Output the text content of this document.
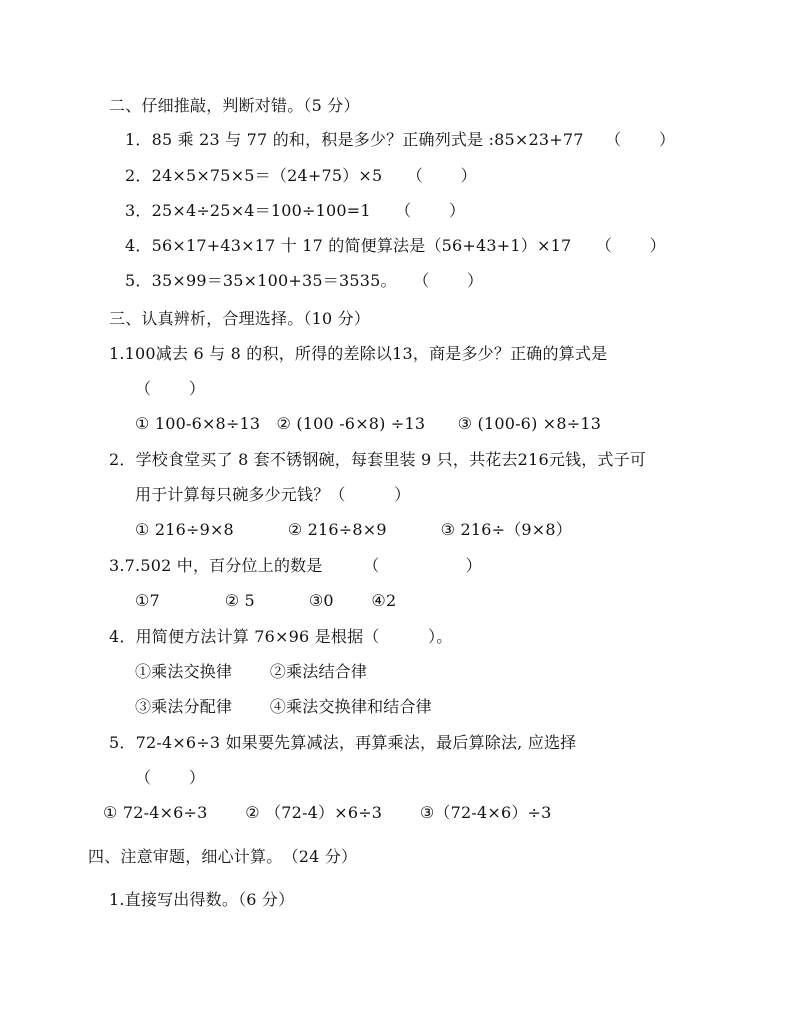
二、仔细推敲，判断对错。（5 分）
1．85 乘 23 与 77 的和，积是多少？正确列式是 :85×23+77　 （　　 ）
2．24×5×75×5＝（24+75）×5　　（　　 ）
3．25×4÷25×4＝100÷100=1　　（　　 ）
4．56×17+43×17 十 17 的简便算法是（56+43+1）×17　　（　　 ）
5．35×99＝35×100+35＝3535。　　（　　 ）
三、认真辨析，合理选择。（10 分）
1.100减去 6 与 8 的积，所得的差除以13，商是多少？正确的算式是
（　　 ）
① 100-6×8÷13　② (100 -6×8) ÷13　　③ (100-6) ×8÷13
2．学校食堂买了 8 套不锈钢碗，每套里装 9 只，共花去216元钱，式子可
用于计算每只碗多少元钱？（　　　）
① 216÷9×8　　　 ② 216÷8×9　　　 ③ 216÷（9×8）
3.7.502 中，百分位上的数是　　　（　　　　　 ）
①7　　　　② 5　　　 ③0　　 ④2
4．用简便方法计算 76×96 是根据（　　　）。
①乘法交换律　　 ②乘法结合律
③乘法分配律　　 ④乘法交换律和结合律
5．72-4×6÷3 如果要先算减法，再算乘法，最后算除法, 应选择
（　　 ）
① 72-4×6÷3　　 ② （72-4）×6÷3　　 ③（72-4×6）÷3
四、注意审题，细心计算。　（24 分）
1.直接写出得数。（6 分）
